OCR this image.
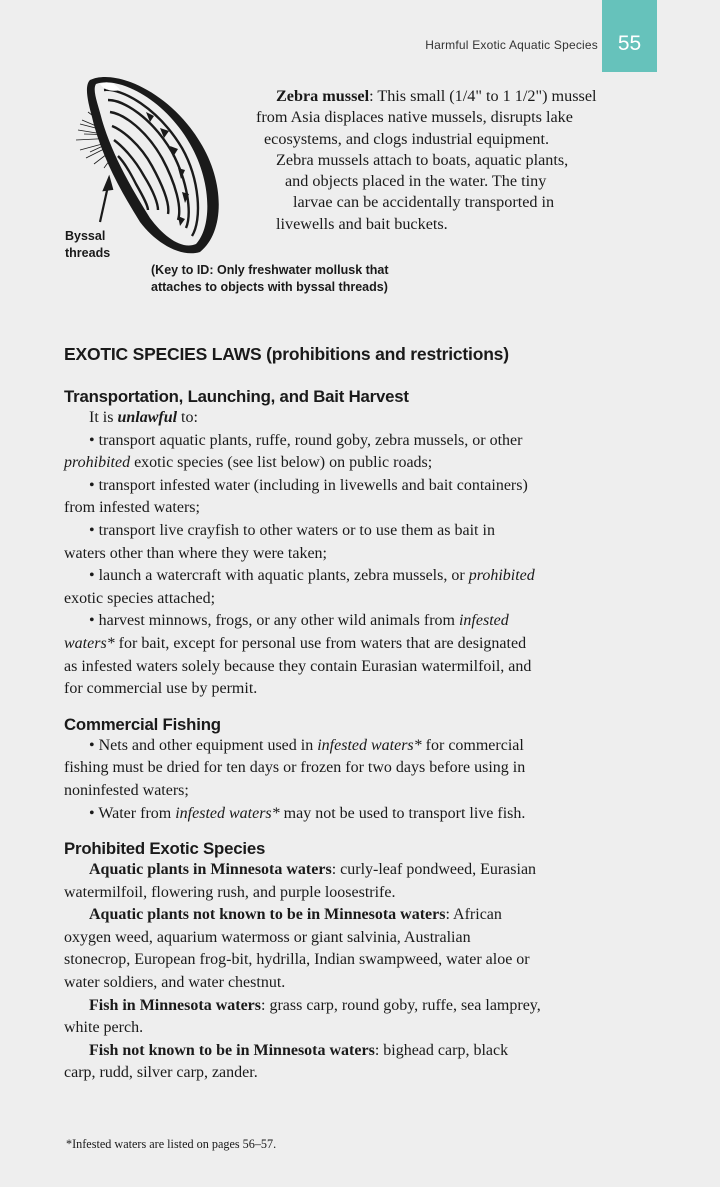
Harmful Exotic Aquatic Species 55
Byssal
threads
Zebra mussel: This small (1/4" to 1 1/2") mussel
from Asia displaces native mussels, disrupts lake
ecosystems, and clogs industrial equipment.
Zebra mussels attach to boats, aquatic plants,
and objects placed in the water. The tiny
larvae can be accidentally transported in
livewells and bait buckets.
(Key to ID: Only freshwater mollusk that
attaches to objects with byssal threads)
EXOTIC SPECIES LAWS (prohibitions and restrictions)
Transportation, Launching, and Bait Harvest
It is unlawful to:
• transport aquatic plants, ruffe, round goby, zebra mussels, or other
prohibited exotic species (see list below) on public roads;
• transport infested water (including in livewells and bait containers)
from infested waters;
• transport live crayfish to other waters or to use them as bait in
waters other than where they were taken;
• launch a watercraft with aquatic plants, zebra mussels, or prohibited
exotic species attached;
• harvest minnows, frogs, or any other wild animals from infested
waters* for bait, except for personal use from waters that are designated
as infested waters solely because they contain Eurasian watermilfoil, and
for commercial use by permit.
Commercial Fishing
• Nets and other equipment used in infested waters* for commercial
fishing must be dried for ten days or frozen for two days before using in
noninfested waters;
• Water from infested waters* may not be used to transport live fish.
Prohibited Exotic Species
Aquatic plants in Minnesota waters: curly-leaf pondweed, Eurasian
watermilfoil, flowering rush, and purple loosestrife.
Aquatic plants not known to be in Minnesota waters: African
oxygen weed, aquarium watermoss or giant salvinia, Australian
stonecrop, European frog-bit, hydrilla, Indian swampweed, water aloe or
water soldiers, and water chestnut.
Fish in Minnesota waters: grass carp, round goby, ruffe, sea lamprey,
white perch.
Fish not known to be in Minnesota waters: bighead carp, black
carp, rudd, silver carp, zander.
*Infested waters are listed on pages 56–57.
